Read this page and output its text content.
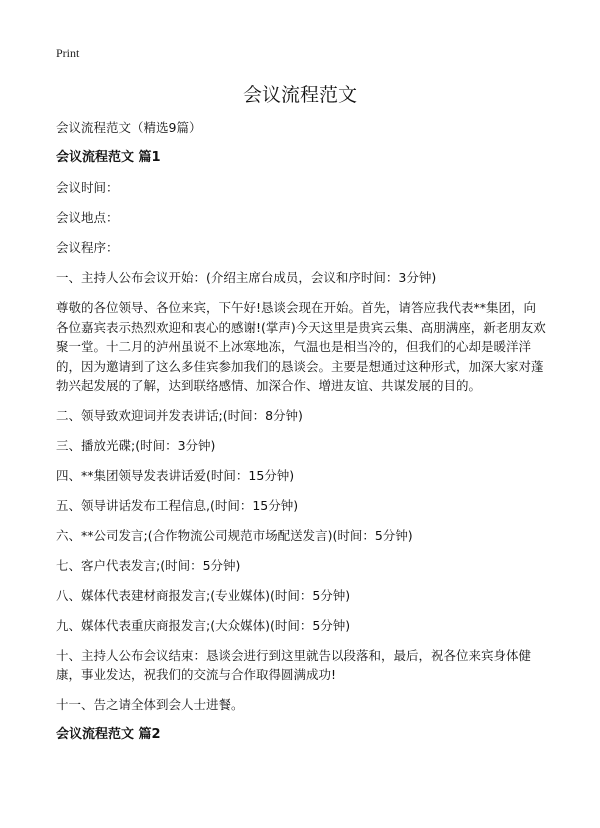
Print
会议流程范文

会议流程范文（精选9篇）

会议流程范文 篇1

会议时间：

会议地点：

会议程序：

一、主持人公布会议开始：(介绍主席台成员，会议和序时间：3分钟)

尊敬的各位领导、各位来宾，下午好!恳谈会现在开始。首先，请答应我代表**集团，向各位嘉宾表示热烈欢迎和衷心的感谢!(掌声)今天这里是贵宾云集、高朋满座，新老朋友欢聚一堂。十二月的泸州虽说不上冰寒地冻，气温也是相当冷的，但我们的心却是暖洋洋的，因为邀请到了这么多佳宾参加我们的恳谈会。主要是想通过这种形式，加深大家对蓬勃兴起发展的了解，达到联络感情、加深合作、增进友谊、共谋发展的目的。

二、领导致欢迎词并发表讲话;(时间：8分钟)

三、播放光碟;(时间：3分钟)

四、**集团领导发表讲话爱(时间：15分钟)

五、领导讲话发布工程信息,(时间：15分钟)

六、**公司发言;(合作物流公司规范市场配送发言)(时间：5分钟)

七、客户代表发言;(时间：5分钟)

八、媒体代表建材商报发言;(专业媒体)(时间：5分钟)

九、媒体代表重庆商报发言;(大众媒体)(时间：5分钟)

十、主持人公布会议结束：恳谈会进行到这里就告以段落和，最后，祝各位来宾身体健康，事业发达，祝我们的交流与合作取得圆满成功!

十一、告之请全体到会人士进餐。

会议流程范文 篇2
